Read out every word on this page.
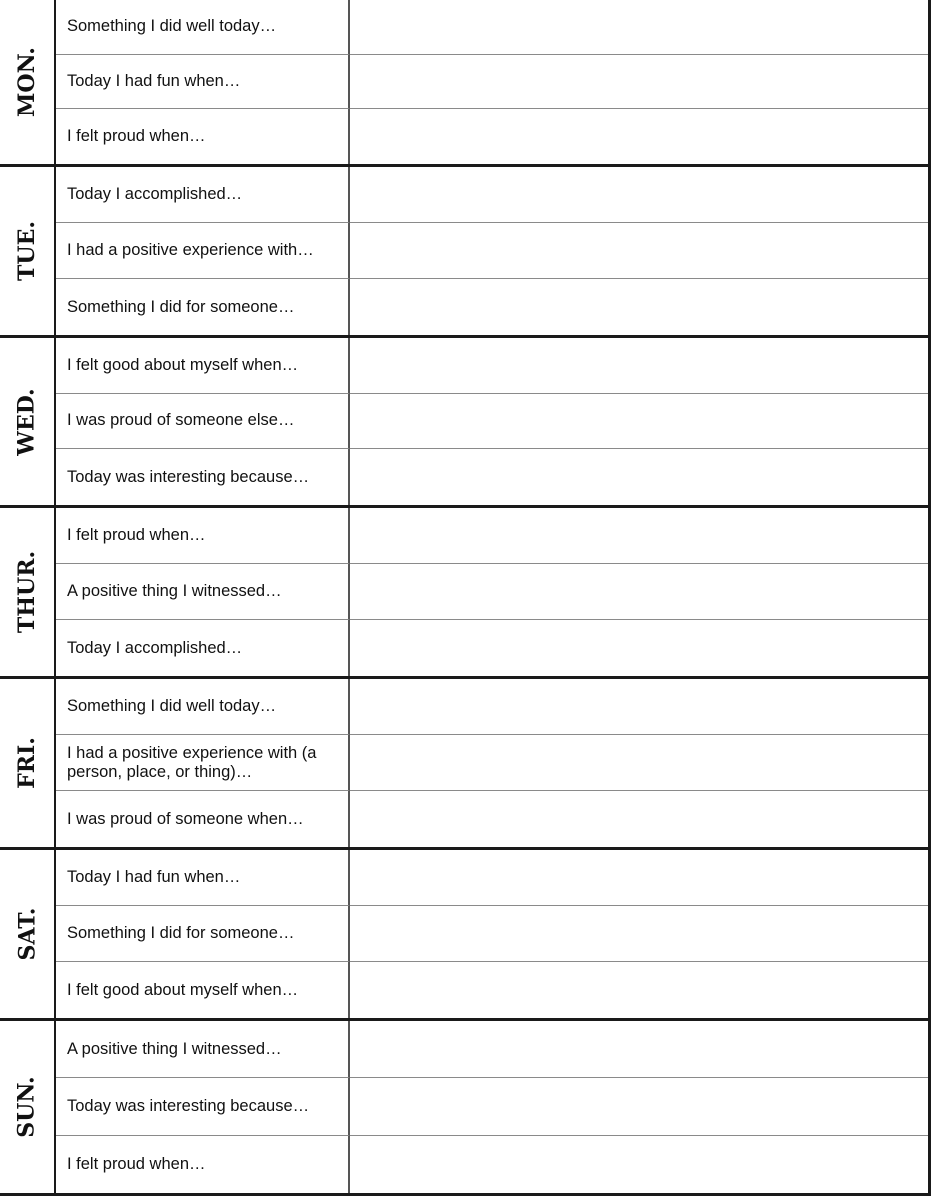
MON.
Something I did well today…
Today I had fun when…
I felt proud when…
TUE.
Today I accomplished…
I had a positive experience with…
Something I did for someone…
WED.
I felt good about myself when…
I was proud of someone else…
Today was interesting because…
THUR.
I felt proud when…
A positive thing I witnessed…
Today I accomplished…
FRI.
Something I did well today…
I had a positive experience with (a person, place, or thing)…
I was proud of someone when…
SAT.
Today I had fun when…
Something I did for someone…
I felt good about myself when…
SUN.
A positive thing I witnessed…
Today was interesting because…
I felt proud when…
